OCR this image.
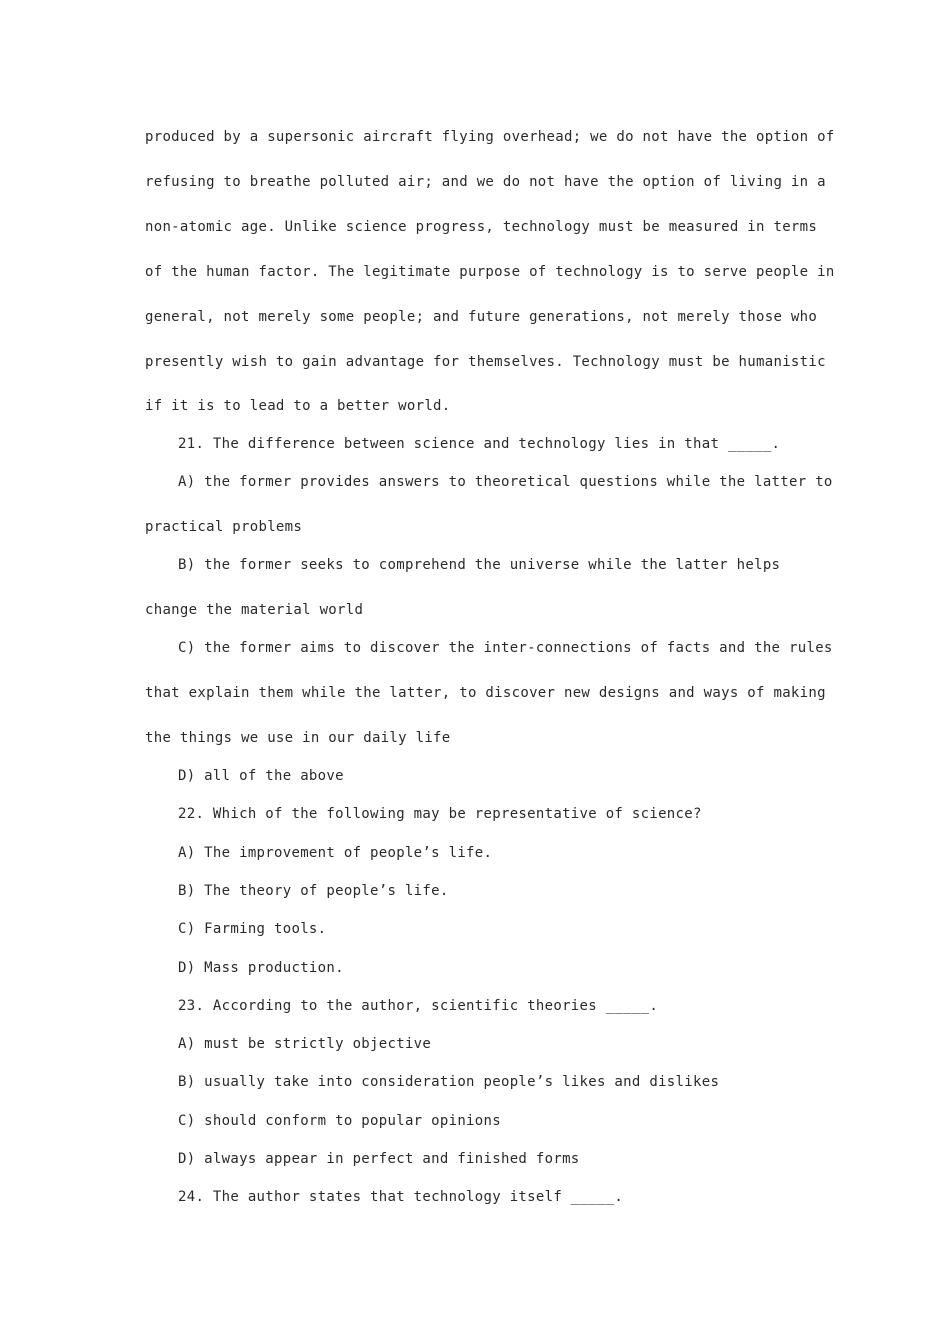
produced by a supersonic aircraft flying overhead; we do not have the option of

refusing to breathe polluted air; and we do not have the option of living in a

non-atomic age. Unlike science progress, technology must be measured in terms

of the human factor. The legitimate purpose of technology is to serve people in

general, not merely some people; and future generations, not merely those who

presently wish to gain advantage for themselves. Technology must be humanistic

if it is to lead to a better world.

21. The difference between science and technology lies in that _____.

A) the former provides answers to theoretical questions while the latter to

practical problems

B) the former seeks to comprehend the universe while the latter helps

change the material world

C) the former aims to discover the inter-connections of facts and the rules

that explain them while the latter, to discover new designs and ways of making

the things we use in our daily life

D) all of the above

22. Which of the following may be representative of science?

A) The improvement of people’s life.

B) The theory of people’s life.

C) Farming tools.

D) Mass production.

23. According to the author, scientific theories _____.

A) must be strictly objective

B) usually take into consideration people’s likes and dislikes

C) should conform to popular opinions

D) always appear in perfect and finished forms

24. The author states that technology itself _____.
